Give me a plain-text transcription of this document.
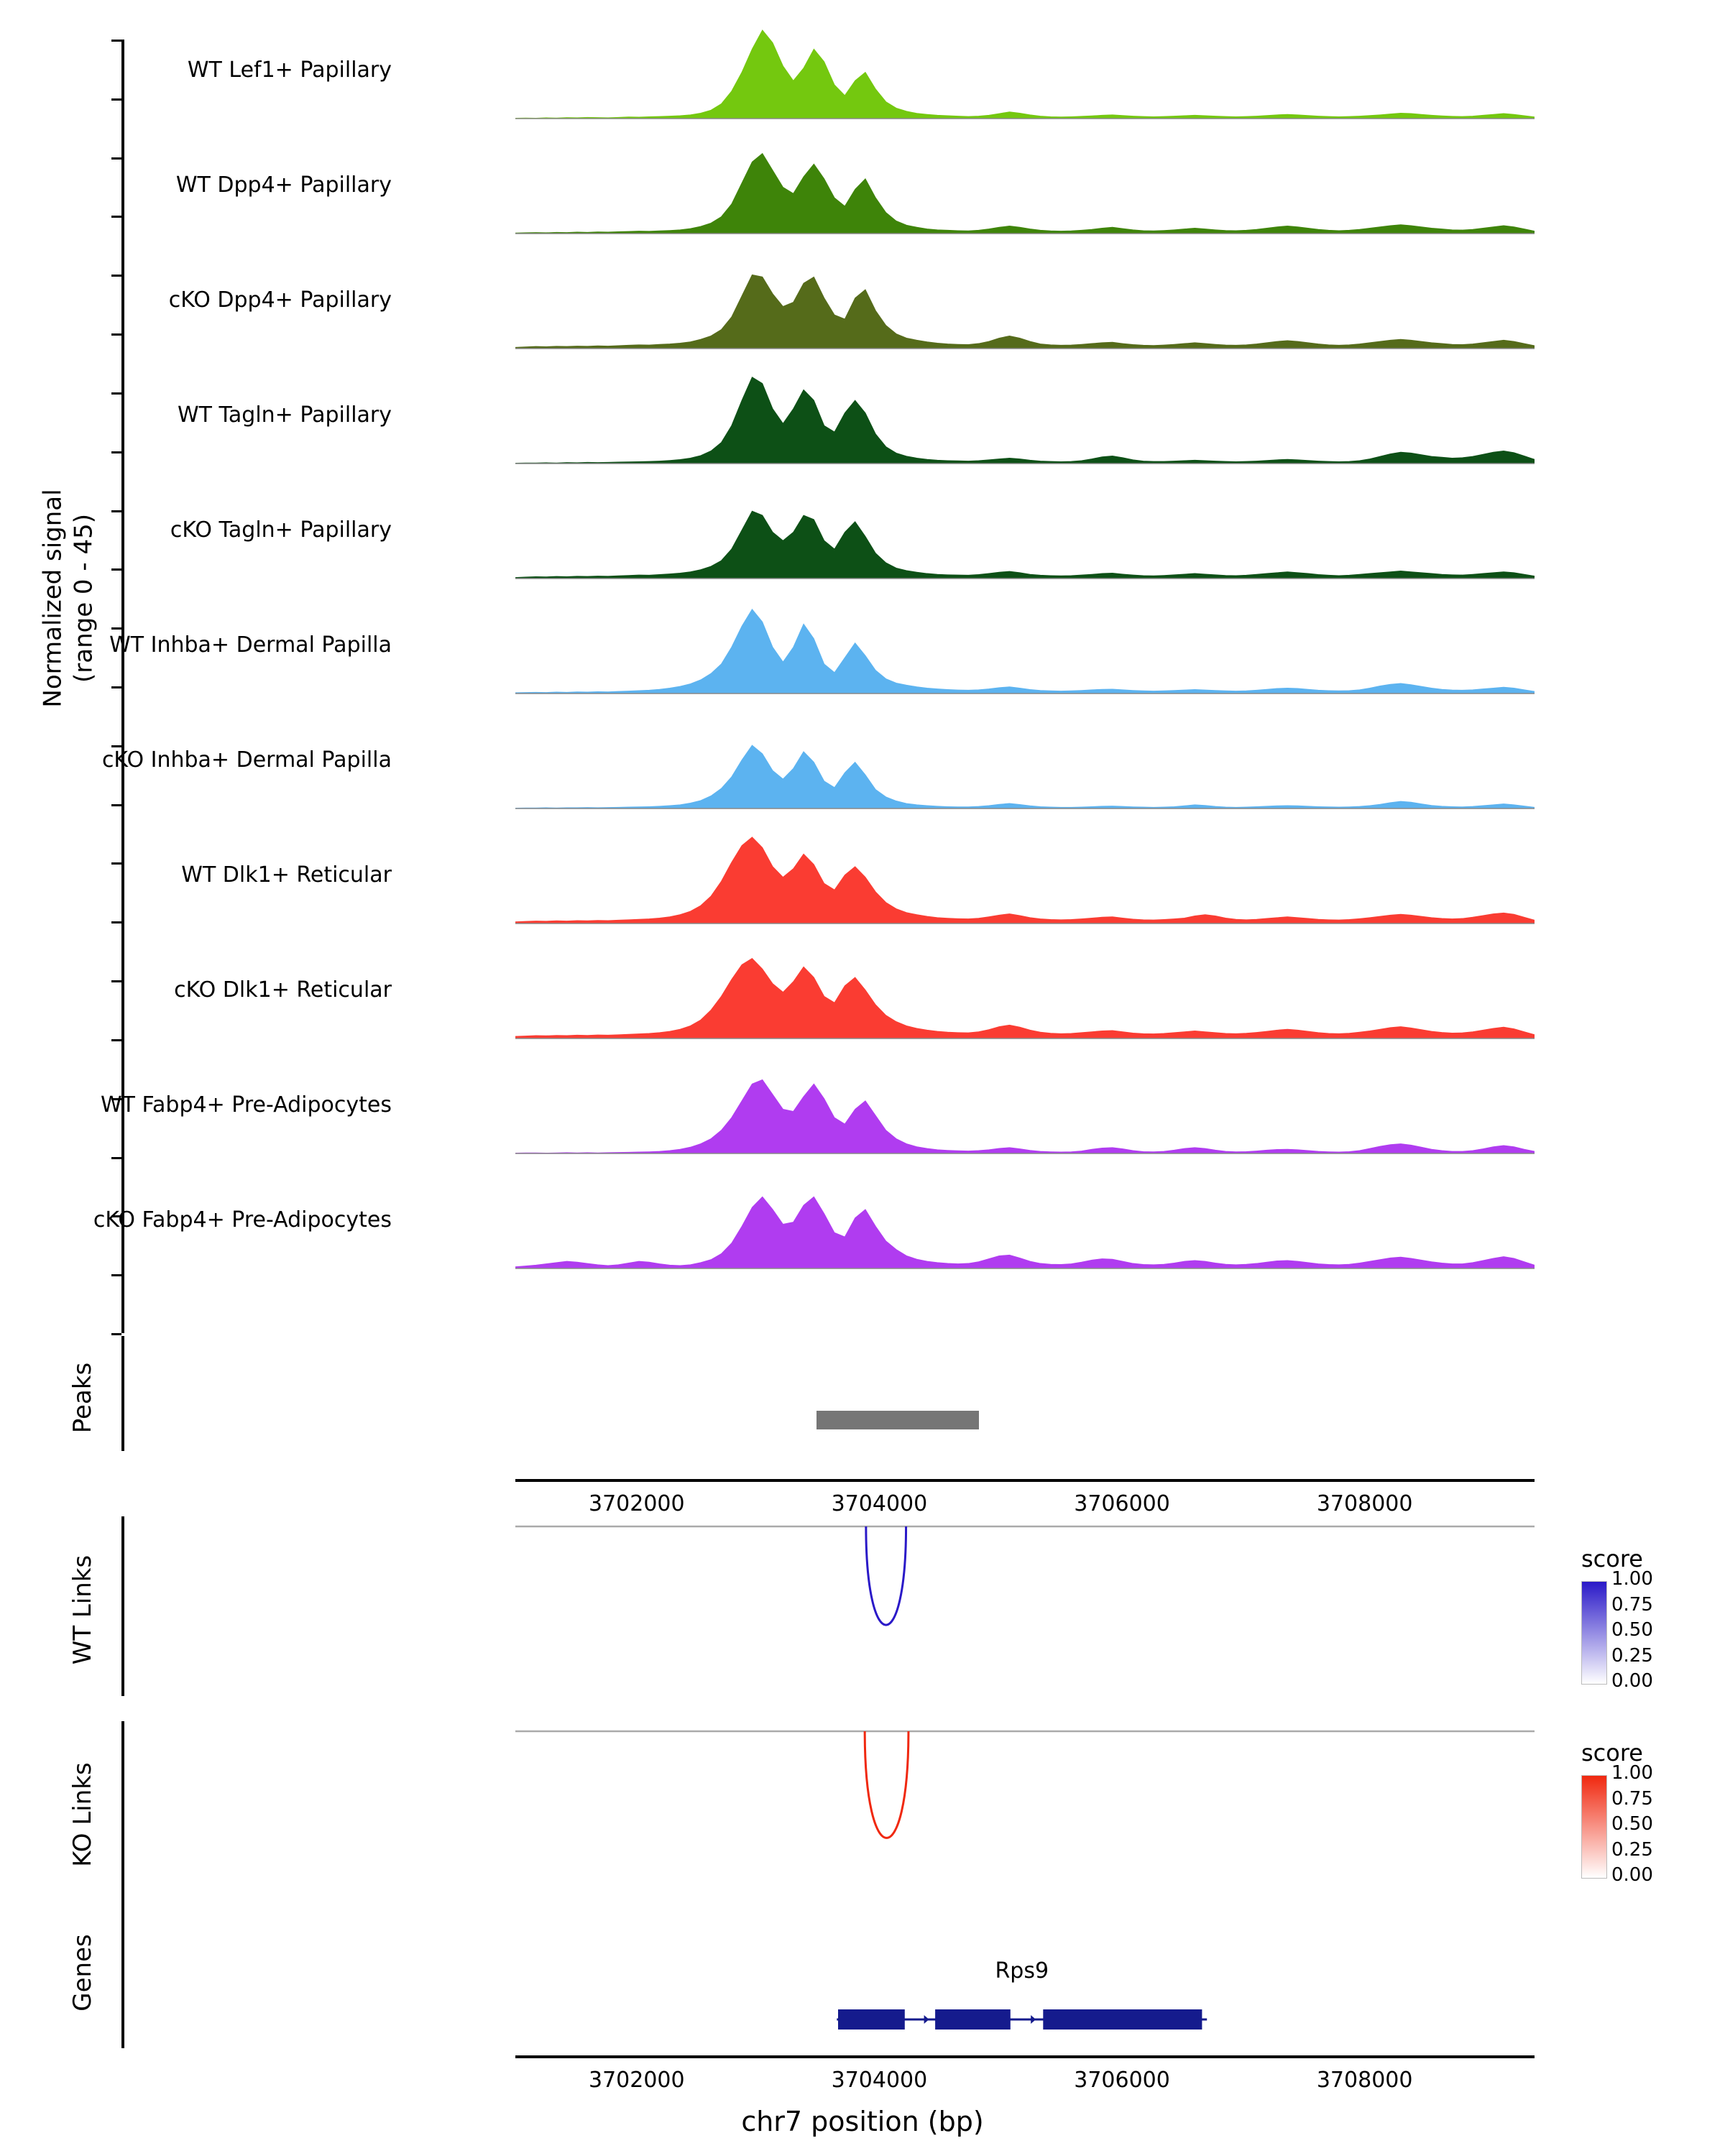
Normalized signal (range 0 - 45)
WT Lef1+ Papillary
WT Dpp4+ Papillary
cKO Dpp4+ Papillary
WT Tagln+ Papillary
cKO Tagln+ Papillary
WT Inhba+ Dermal Papilla
cKO Inhba+ Dermal Papilla
WT Dlk1+ Reticular
cKO Dlk1+ Reticular
WT Fabp4+ Pre-Adipocytes
cKO Fabp4+ Pre-Adipocytes
Peaks
3702000	3704000	3706000	3708000
WT Links
KO Links
score
1.00
0.75
0.50
0.25
0.00
score
1.00
0.75
0.50
0.25
0.00
Genes	Rps9
3702000	3704000	3706000	3708000
chr7 position (bp)
